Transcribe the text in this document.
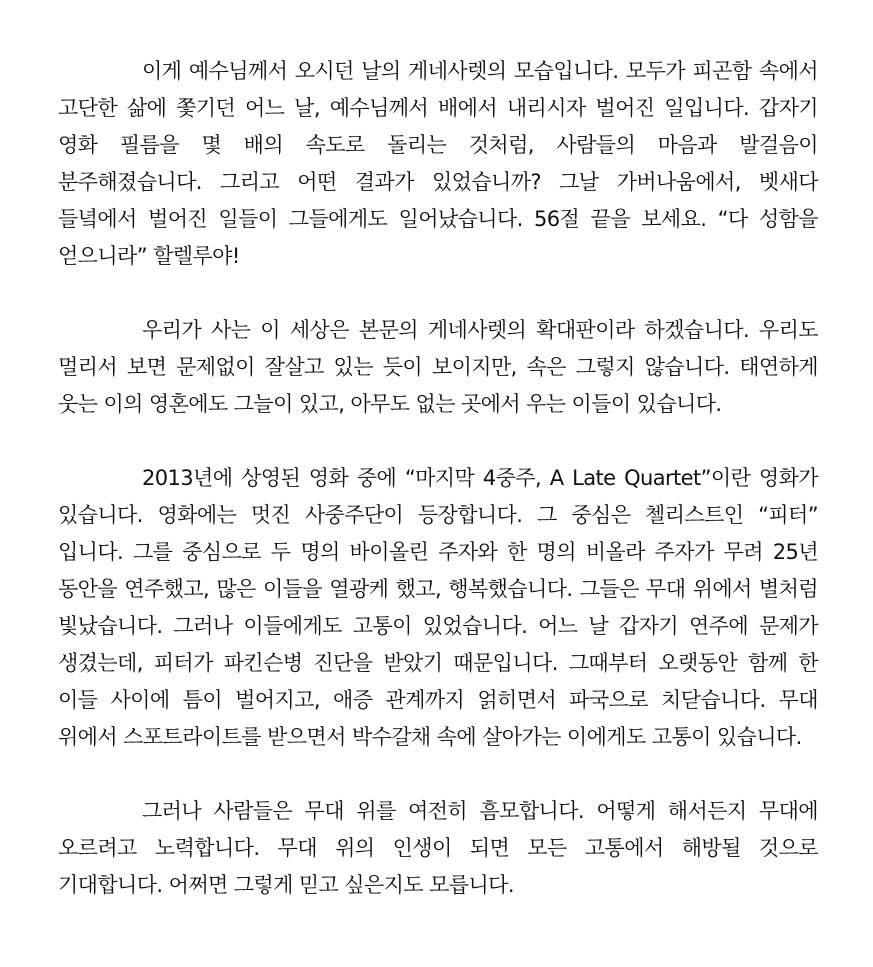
이게 예수님께서 오시던 날의 게네사렛의 모습입니다. 모두가 피곤함 속에서 고단한 삶에 쫓기던 어느 날, 예수님께서 배에서 내리시자 벌어진 일입니다. 갑자기 영화 필름을 몇 배의 속도로 돌리는 것처럼, 사람들의 마음과 발걸음이 분주해졌습니다. 그리고 어떤 결과가 있었습니까? 그날 가버나움에서, 벳새다 들녘에서 벌어진 일들이 그들에게도 일어났습니다. 56절 끝을 보세요. “다 성함을 얻으니라” 할렐루야!

우리가 사는 이 세상은 본문의 게네사렛의 확대판이라 하겠습니다. 우리도 멀리서 보면 문제없이 잘살고 있는 듯이 보이지만, 속은 그렇지 않습니다. 태연하게 웃는 이의 영혼에도 그늘이 있고, 아무도 없는 곳에서 우는 이들이 있습니다.

2013년에 상영된 영화 중에 “마지막 4중주, A Late Quartet”이란 영화가 있습니다. 영화에는 멋진 사중주단이 등장합니다. 그 중심은 첼리스트인 “피터” 입니다. 그를 중심으로 두 명의 바이올린 주자와 한 명의 비올라 주자가 무려 25년 동안을 연주했고, 많은 이들을 열광케 했고, 행복했습니다. 그들은 무대 위에서 별처럼 빛났습니다. 그러나 이들에게도 고통이 있었습니다. 어느 날 갑자기 연주에 문제가 생겼는데, 피터가 파킨슨병 진단을 받았기 때문입니다. 그때부터 오랫동안 함께 한 이들 사이에 틈이 벌어지고, 애증 관계까지 얽히면서 파국으로 치닫습니다. 무대 위에서 스포트라이트를 받으면서 박수갈채 속에 살아가는 이에게도 고통이 있습니다.

그러나 사람들은 무대 위를 여전히 흠모합니다. 어떻게 해서든지 무대에 오르려고 노력합니다. 무대 위의 인생이 되면 모든 고통에서 해방될 것으로 기대합니다. 어쩌면 그렇게 믿고 싶은지도 모릅니다.
